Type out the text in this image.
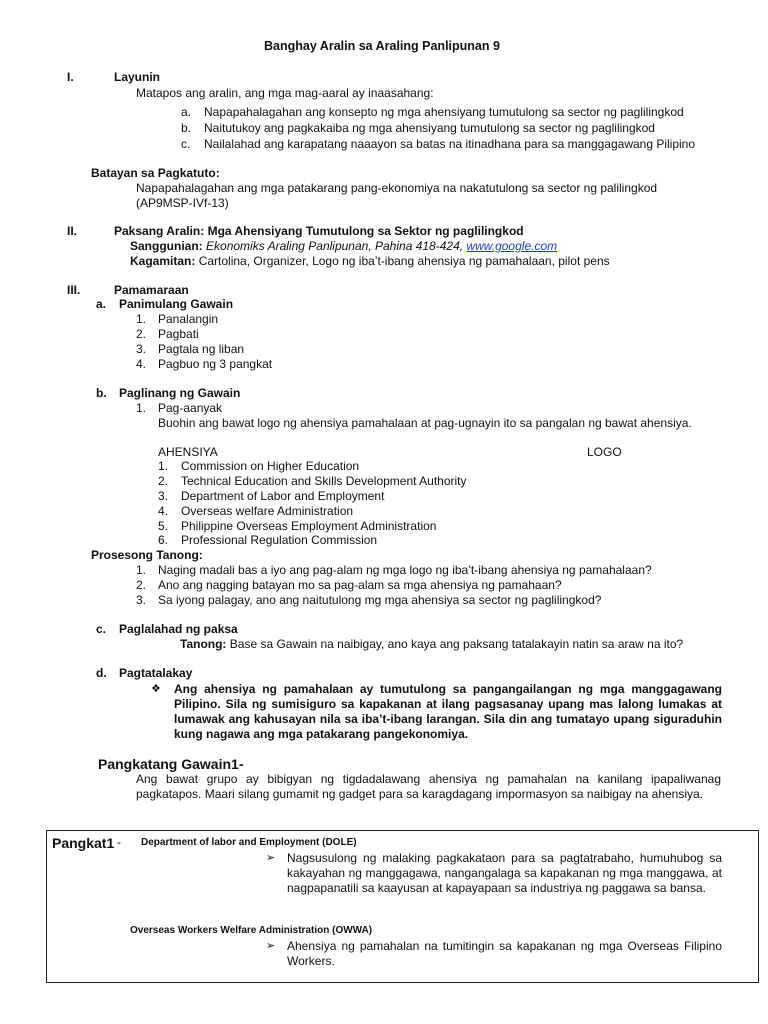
Banghay Aralin sa Araling Panlipunan 9
I.	Layunin
Matapos ang aralin, ang mga mag-aaral ay inaasahang:
a. Napapahalagahan ang konsepto ng mga ahensiyang tumutulong sa sector ng paglilingkod
b. Naitutukoy ang pagkakaiba ng mga ahensiyang tumutulong sa sector ng paglilingkod
c. Nailalahad ang karapatang naaayon sa batas na itinadhana para sa manggagawang Pilipino
Batayan sa Pagkatuto:
Napapahalagahan ang mga patakarang pang-ekonomiya na nakatutulong sa sector ng palilingkod
(AP9MSP-IVf-13)
II.	Paksang Aralin: Mga Ahensiyang Tumutulong sa Sektor ng paglilingkod
Sanggunian: Ekonomiks Araling Panlipunan, Pahina 418-424, www.google.com
Kagamitan: Cartolina, Organizer, Logo ng iba’t-ibang ahensiya ng pamahalaan, pilot pens
III.	Pamamaraan
a. Panimulang Gawain
1. Panalangin
2. Pagbati
3. Pagtala ng liban
4. Pagbuo ng 3 pangkat
b. Paglinang ng Gawain
1. Pag-aanyak
Buohin ang bawat logo ng ahensiya pamahalaan at pag-ugnayin ito sa pangalan ng bawat ahensiya.
AHENSIYA	LOGO
1. Commission on Higher Education
2. Technical Education and Skills Development Authority
3. Department of Labor and Employment
4. Overseas welfare Administration
5. Philippine Overseas Employment Administration
6. Professional Regulation Commission
Prosesong Tanong:
1. Naging madali bas a iyo ang pag-alam ng mga logo ng iba’t-ibang ahensiya ng pamahalaan?
2. Ano ang nagging batayan mo sa pag-alam sa mga ahensiya ng pamahaan?
3. Sa iyong palagay, ano ang naitutulong mg mga ahensiya sa sector ng paglilingkod?
c. Paglalahad ng paksa
Tanong: Base sa Gawain na naibigay, ano kaya ang paksang tatalakayin natin sa araw na ito?
d. Pagtatalakay
❖ Ang ahensiya ng pamahalaan ay tumutulong sa pangangailangan ng mga manggagawang Pilipino. Sila ng sumisiguro sa kapakanan at ilang pagsasanay upang mas lalong lumakas at lumawak ang kahusayan nila sa iba’t-ibang larangan. Sila din ang tumatayo upang siguraduhin kung nagawa ang mga patakarang pangekonomiya.
Pangkatang Gawain1-
Ang bawat grupo ay bibigyan ng tigdadalawang ahensiya ng pamahalan na kanilang ipapaliwanag pagkatapos. Maari silang gumamit ng gadget para sa karagdagang impormasyon sa naibigay na ahensiya.
Pangkat1 - Department of labor and Employment (DOLE)
➢ Nagsusulong ng malaking pagkakataon para sa pagtatrabaho, humuhubog sa kakayahan ng manggagawa, nangangalaga sa kapakanan ng mga manggawa, at nagpapanatili sa kaayusan at kapayapaan sa industriya ng paggawa sa bansa.
Overseas Workers Welfare Administration (OWWA)
➢ Ahensiya ng pamahalan na tumitingin sa kapakanan ng mga Overseas Filipino Workers.
